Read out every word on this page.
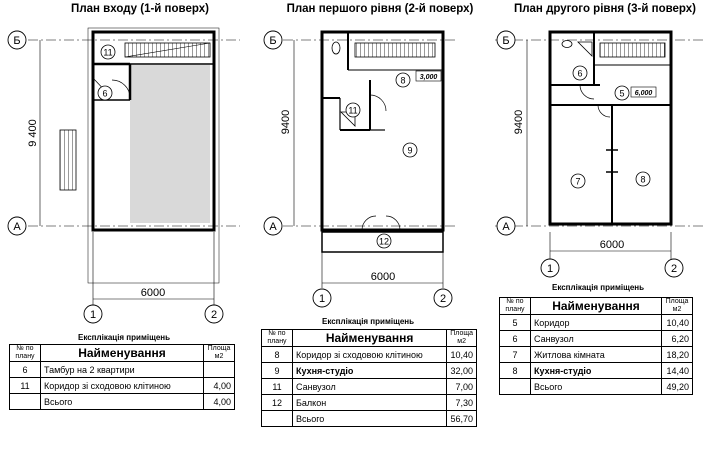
План входу (1-й поверх)
9 400
6000
11
6
Б
А
1	2
План першого рівня (2-й поверх)
3,000
9400
6000
8
11
9
12
Б
А
1	2
План другого рівня (3-й поверх)
6,000
9400
6000
6
5
7	8
Б
А
1	2
Експлікація приміщень
№ по плану	Найменування	Площа м2
6	Тамбур на 2 квартири	
11	Коридор зі сходовою клітиною	4,00
	Всього	4,00
Експлікація приміщень
№ по плану	Найменування	Площа м2
8	Коридор зі сходовою клітиною	10,40
9	Кухня-студіо	32,00
11	Санвузол	7,00
12	Балкон	7,30
	Всього	56,70
Експлікація приміщень
№ по плану	Найменування	Площа м2
5	Коридор	10,40
6	Санвузол	6,20
7	Житлова кімната	18,20
8	Кухня-студіо	14,40
	Всього	49,20
